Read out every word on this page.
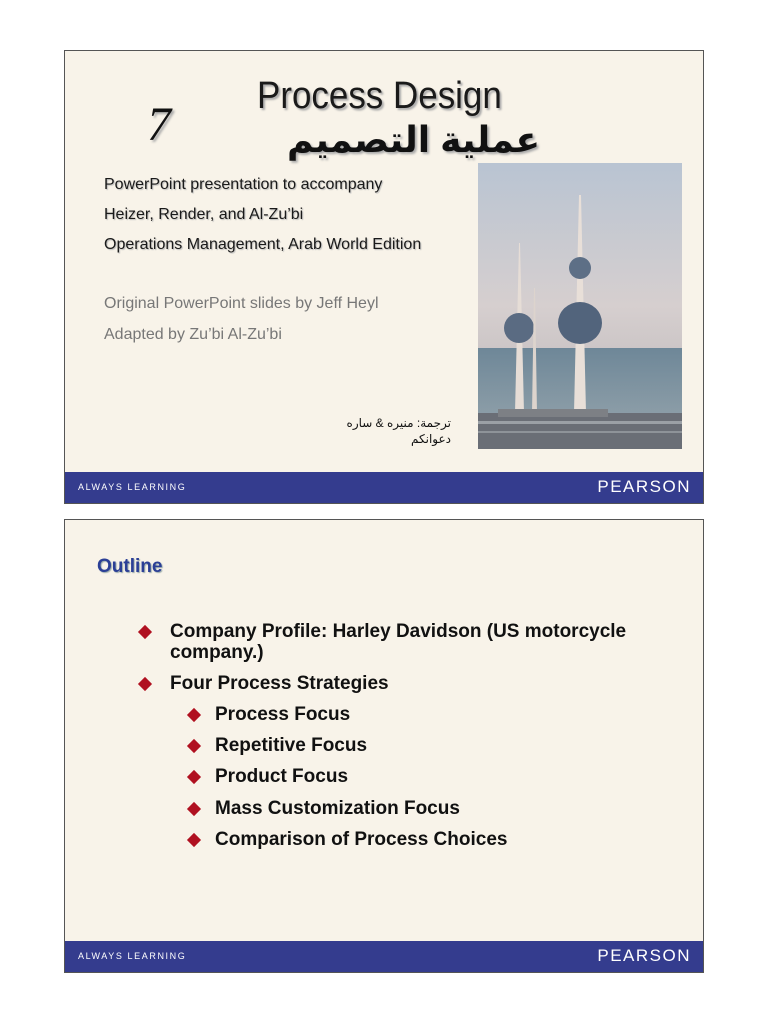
7
Process Design
عملية التصميم
PowerPoint presentation to accompany
Heizer, Render, and Al-Zu’bi
Operations Management, Arab World Edition
Original PowerPoint slides by Jeff Heyl
Adapted by Zu’bi Al-Zu’bi
ترجمة: منيره & ساره
دعوانكم
ALWAYS LEARNING	PEARSON
Outline
Company Profile: Harley Davidson (US motorcycle company.)
Four Process Strategies
Process Focus
Repetitive Focus
Product Focus
Mass Customization Focus
Comparison of Process Choices
ALWAYS LEARNING	PEARSON
